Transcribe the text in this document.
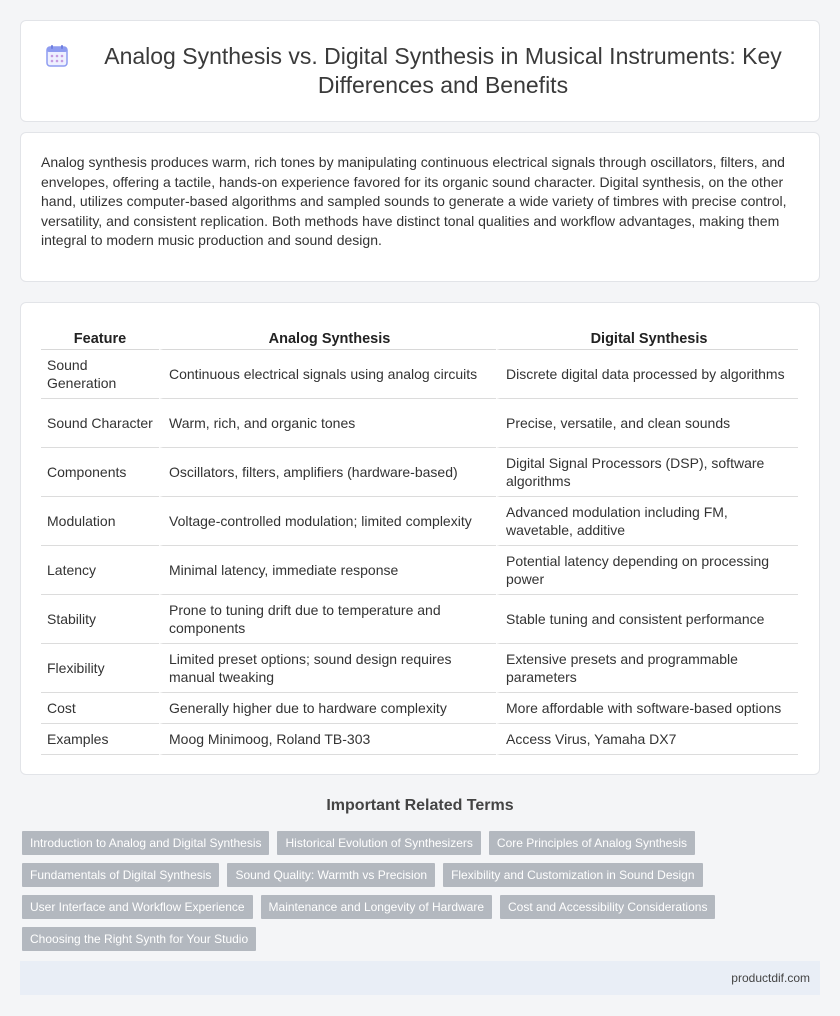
Analog Synthesis vs. Digital Synthesis in Musical Instruments: Key Differences and Benefits

Analog synthesis produces warm, rich tones by manipulating continuous electrical signals through oscillators, filters, and envelopes, offering a tactile, hands-on experience favored for its organic sound character. Digital synthesis, on the other hand, utilizes computer-based algorithms and sampled sounds to generate a wide variety of timbres with precise control, versatility, and consistent replication. Both methods have distinct tonal qualities and workflow advantages, making them integral to modern music production and sound design.

Feature	Analog Synthesis	Digital Synthesis
Sound Generation	Continuous electrical signals using analog circuits	Discrete digital data processed by algorithms
Sound Character	Warm, rich, and organic tones	Precise, versatile, and clean sounds
Components	Oscillators, filters, amplifiers (hardware-based)	Digital Signal Processors (DSP), software algorithms
Modulation	Voltage-controlled modulation; limited complexity	Advanced modulation including FM, wavetable, additive
Latency	Minimal latency, immediate response	Potential latency depending on processing power
Stability	Prone to tuning drift due to temperature and components	Stable tuning and consistent performance
Flexibility	Limited preset options; sound design requires manual tweaking	Extensive presets and programmable parameters
Cost	Generally higher due to hardware complexity	More affordable with software-based options
Examples	Moog Minimoog, Roland TB-303	Access Virus, Yamaha DX7
Important Related Terms
Introduction to Analog and Digital Synthesis	Historical Evolution of Synthesizers	Core Principles of Analog Synthesis
Fundamentals of Digital Synthesis	Sound Quality: Warmth vs Precision	Flexibility and Customization in Sound Design
User Interface and Workflow Experience	Maintenance and Longevity of Hardware	Cost and Accessibility Considerations
Choosing the Right Synth for Your Studio
productdif.com
